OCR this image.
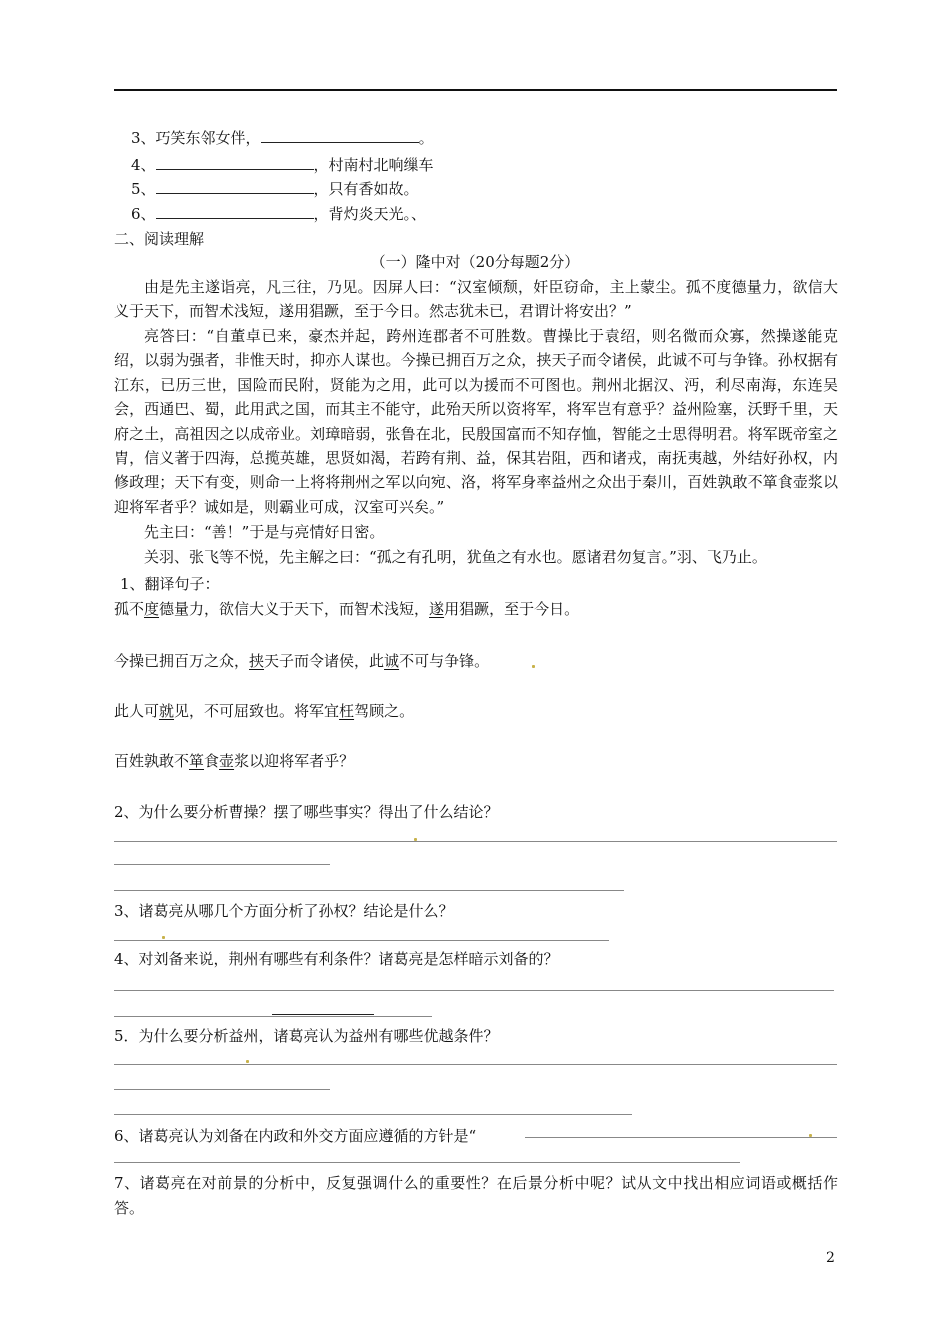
3、巧笑东邻女伴，	。
4、	，村南村北响缫车
5、	，只有香如故。
6、	，背灼炎天光。、
二、阅读理解
（一）隆中对（20分每题2分）
由是先主遂诣亮，凡三往，乃见。因屏人曰：“汉室倾颓，奸臣窃命，主上蒙尘。孤不度德量力，欲信大义于天下，而智术浅短，遂用猖蹶，至于今日。然志犹未已，君谓计将安出？”
亮答曰：“自董卓已来，豪杰并起，跨州连郡者不可胜数。曹操比于袁绍，则名微而众寡，然操遂能克绍，以弱为强者，非惟天时，抑亦人谋也。今操已拥百万之众，挟天子而令诸侯，此诚不可与争锋。孙权据有江东，已历三世，国险而民附，贤能为之用，此可以为援而不可图也。荆州北据汉、沔，利尽南海，东连吴会，西通巴、蜀，此用武之国，而其主不能守，此殆天所以资将军，将军岂有意乎？益州险塞，沃野千里，天府之土，高祖因之以成帝业。刘璋暗弱，张鲁在北，民殷国富而不知存恤，智能之士思得明君。将军既帝室之胄，信义著于四海，总揽英雄，思贤如渴，若跨有荆、益，保其岩阻，西和诸戎，南抚夷越，外结好孙权，内修政理；天下有变，则命一上将将荆州之军以向宛、洛，将军身率益州之众出于秦川，百姓孰敢不箪食壶浆以迎将军者乎？诚如是，则霸业可成，汉室可兴矣。”
先主曰：“善！”于是与亮情好日密。
关羽、张飞等不悦，先主解之曰：“孤之有孔明，犹鱼之有水也。愿诸君勿复言。”羽、飞乃止。
1、翻译句子：
孤不度德量力，欲信大义于天下，而智术浅短，遂用猖蹶，至于今日。
今操已拥百万之众，挟天子而令诸侯，此诚不可与争锋。
此人可就见，不可屈致也。将军宜枉驾顾之。
百姓孰敢不箪食壶浆以迎将军者乎？
2、为什么要分析曹操？摆了哪些事实？得出了什么结论？
3、诸葛亮从哪几个方面分析了孙权？结论是什么？
4、对刘备来说，荆州有哪些有利条件？诸葛亮是怎样暗示刘备的？
5．为什么要分析益州，诸葛亮认为益州有哪些优越条件？
6、诸葛亮认为刘备在内政和外交方面应遵循的方针是“
7、诸葛亮在对前景的分析中，反复强调什么的重要性？在后景分析中呢？试从文中找出相应词语或概括作答。
2
